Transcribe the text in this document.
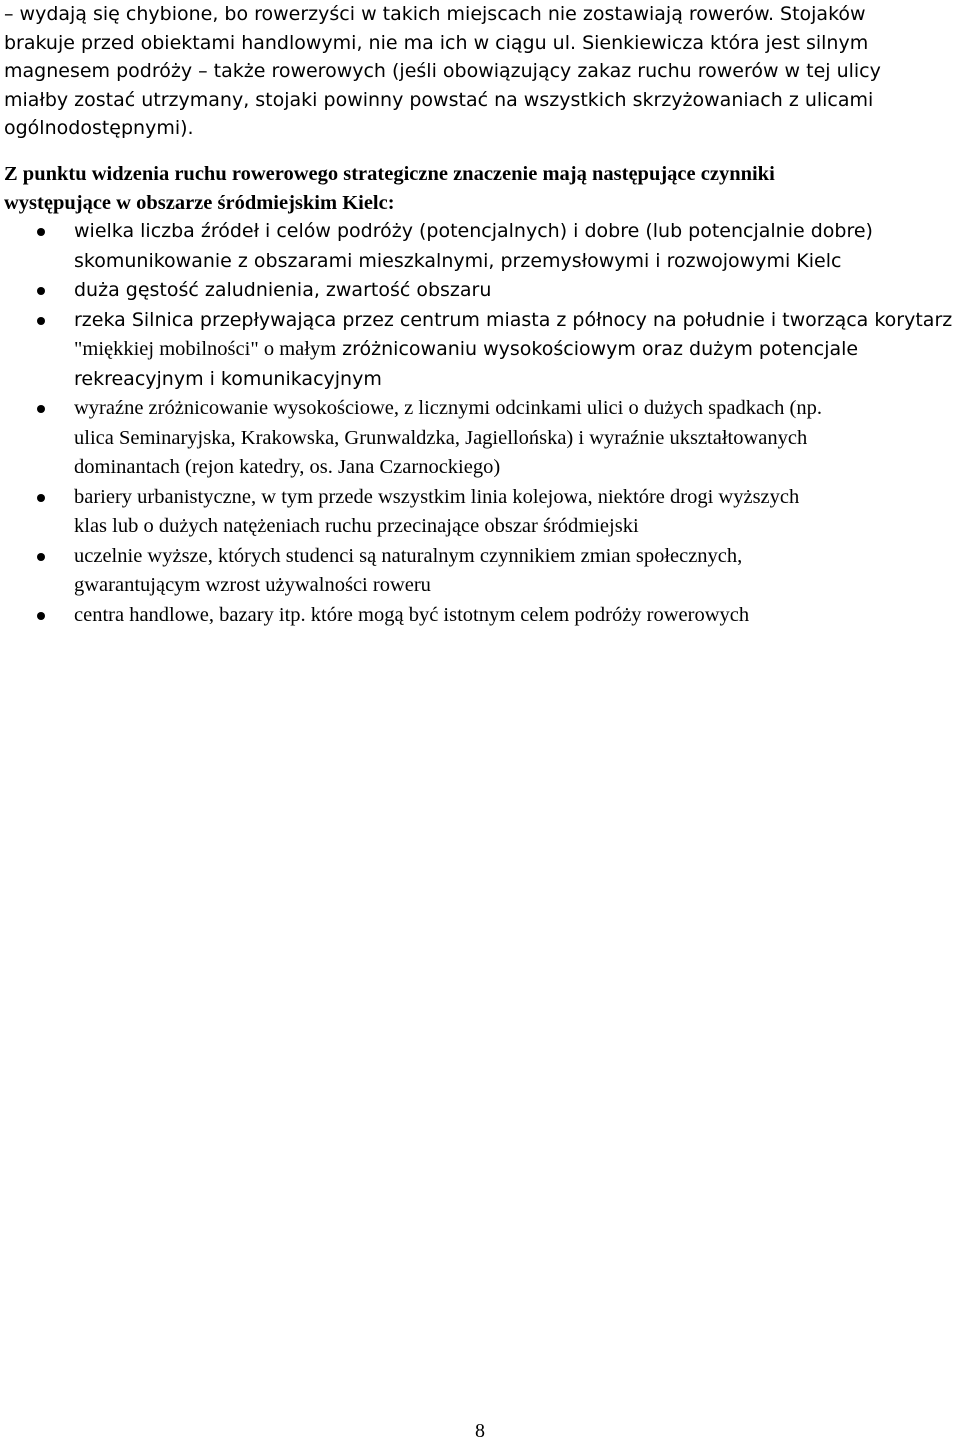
– wydają się chybione, bo rowerzyści w takich miejscach nie zostawiają rowerów. Stojaków

brakuje przed obiektami handlowymi, nie ma ich w ciągu ul. Sienkiewicza która jest silnym

magnesem podróży – także rowerowych (jeśli obowiązujący zakaz ruchu rowerów w tej ulicy

miałby zostać utrzymany, stojaki powinny powstać na wszystkich skrzyżowaniach z ulicami

ogólnodostępnymi).

Z punktu widzenia ruchu rowerowego strategiczne znaczenie mają następujące czynniki

występujące w obszarze śródmiejskim Kielc:

wielka liczba źródeł i celów podróży (potencjalnych) i dobre (lub potencjalnie dobre)
skomunikowanie z obszarami mieszkalnymi, przemysłowymi i rozwojowymi Kielc
duża gęstość zaludnienia, zwartość obszaru
rzeka Silnica przepływająca przez centrum miasta z północy na południe i tworząca korytarz
"miękkiej mobilności" o małym zróżnicowaniu wysokościowym oraz dużym potencjale
rekreacyjnym i komunikacyjnym
wyraźne zróżnicowanie wysokościowe, z licznymi odcinkami ulici o dużych spadkach (np.
ulica Seminaryjska, Krakowska, Grunwaldzka, Jagiellońska) i wyraźnie ukształtowanych
dominantach (rejon katedry, os. Jana Czarnockiego)
bariery urbanistyczne, w tym przede wszystkim linia kolejowa, niektóre drogi wyższych
klas lub o dużych natężeniach ruchu przecinające obszar śródmiejski
uczelnie wyższe, których studenci są naturalnym czynnikiem zmian społecznych,
gwarantującym wzrost używalności roweru
centra handlowe, bazary itp. które mogą być istotnym celem podróży rowerowych
8
